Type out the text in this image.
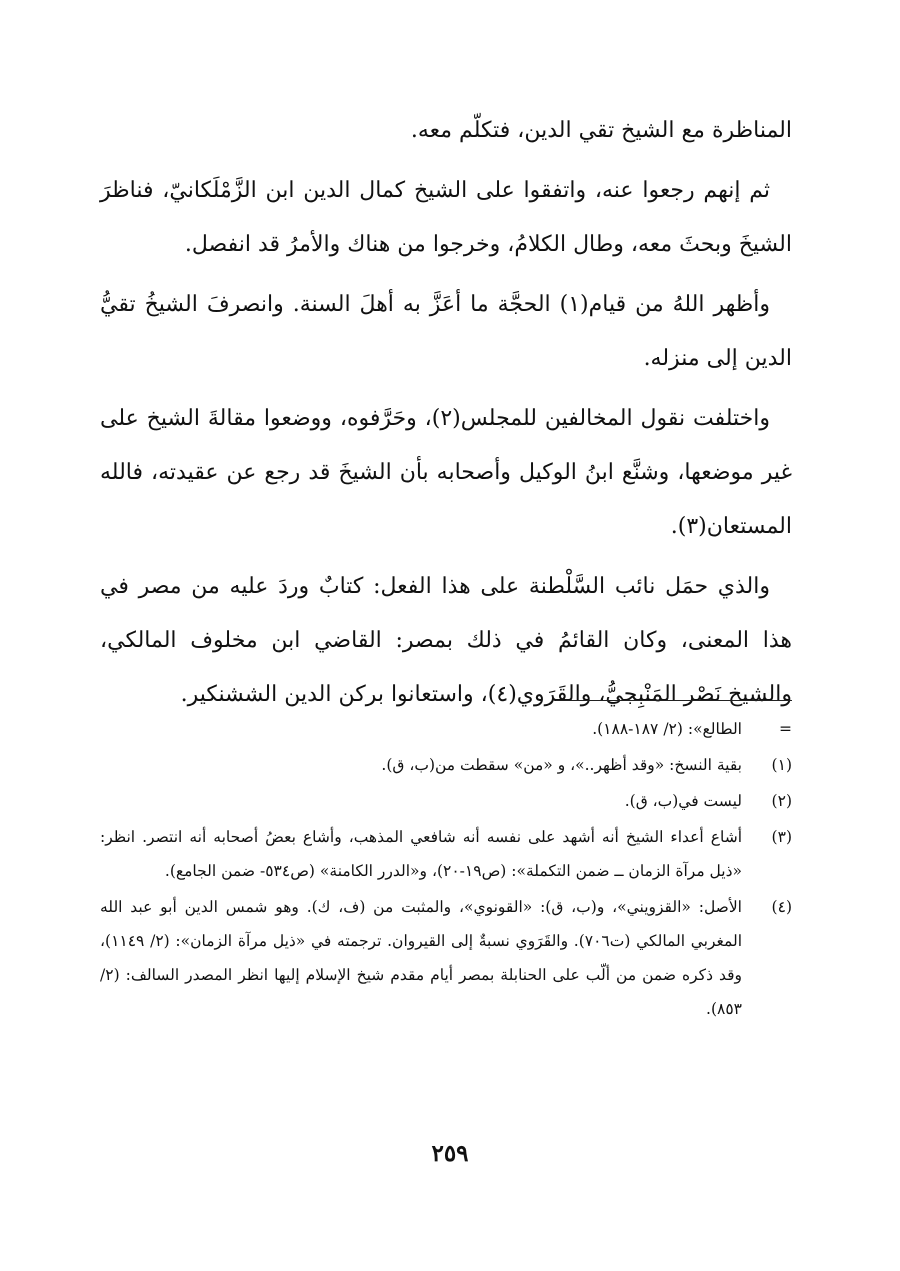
المناظرة مع الشيخ تقي الدين، فتكلّم معه.

ثم إنهم رجعوا عنه، واتفقوا على الشيخ كمال الدين ابن الزَّمْلَكانيّ، فناظرَ الشيخَ وبحثَ معه، وطال الكلامُ، وخرجوا من هناك والأمرُ قد انفصل.

وأظهر اللهُ من قيام(١) الحجَّة ما أعَزَّ به أهلَ السنة. وانصرفَ الشيخُ تقيُّ الدين إلى منزله.

واختلفت نقول المخالفين للمجلس(٢)، وحَرَّفوه، ووضعوا مقالةَ الشيخ على غير موضعها، وشنَّع ابنُ الوكيل وأصحابه بأن الشيخَ قد رجع عن عقيدته، فالله المستعان(٣).

والذي حمَل نائب السَّلْطنة على هذا الفعل: كتابٌ وردَ عليه من مصر في هذا المعنى، وكان القائمُ في ذلك بمصر: القاضي ابن مخلوف المالكي، والشيخ نَصْر المَنْبِجيُّ، والقَرَوي(٤)، واستعانوا بركن الدين الششنكير.

=
الطالع»: (٢/ ١٨٧-١٨٨).
(١)
بقية النسخ: «وقد أظهر..»، و «من» سقطت من(ب، ق).
(٢)
ليست في(ب، ق).
(٣)
أشاع أعداء الشيخ أنه أشهد على نفسه أنه شافعي المذهب، وأشاع بعضُ أصحابه أنه انتصر. انظر: «ذيل مرآة الزمان ــ ضمن التكملة»: (ص١٩-٢٠)، و«الدرر الكامنة» (ص٥٣٤- ضمن الجامع).
(٤)
الأصل: «القزويني»، و(ب، ق): «القونوي»، والمثبت من (ف، ك). وهو شمس الدين أبو عبد الله المغربي المالكي (ت٧٠٦). والقَرَوي نسبةٌ إلى القيروان. ترجمته في «ذيل مرآة الزمان»: (٢/ ١١٤٩)، وقد ذكره ضمن من ألّب على الحنابلة بمصر أيام مقدم شيخ الإسلام إليها انظر المصدر السالف: (٢/ ٨٥٣).
٢٥٩
